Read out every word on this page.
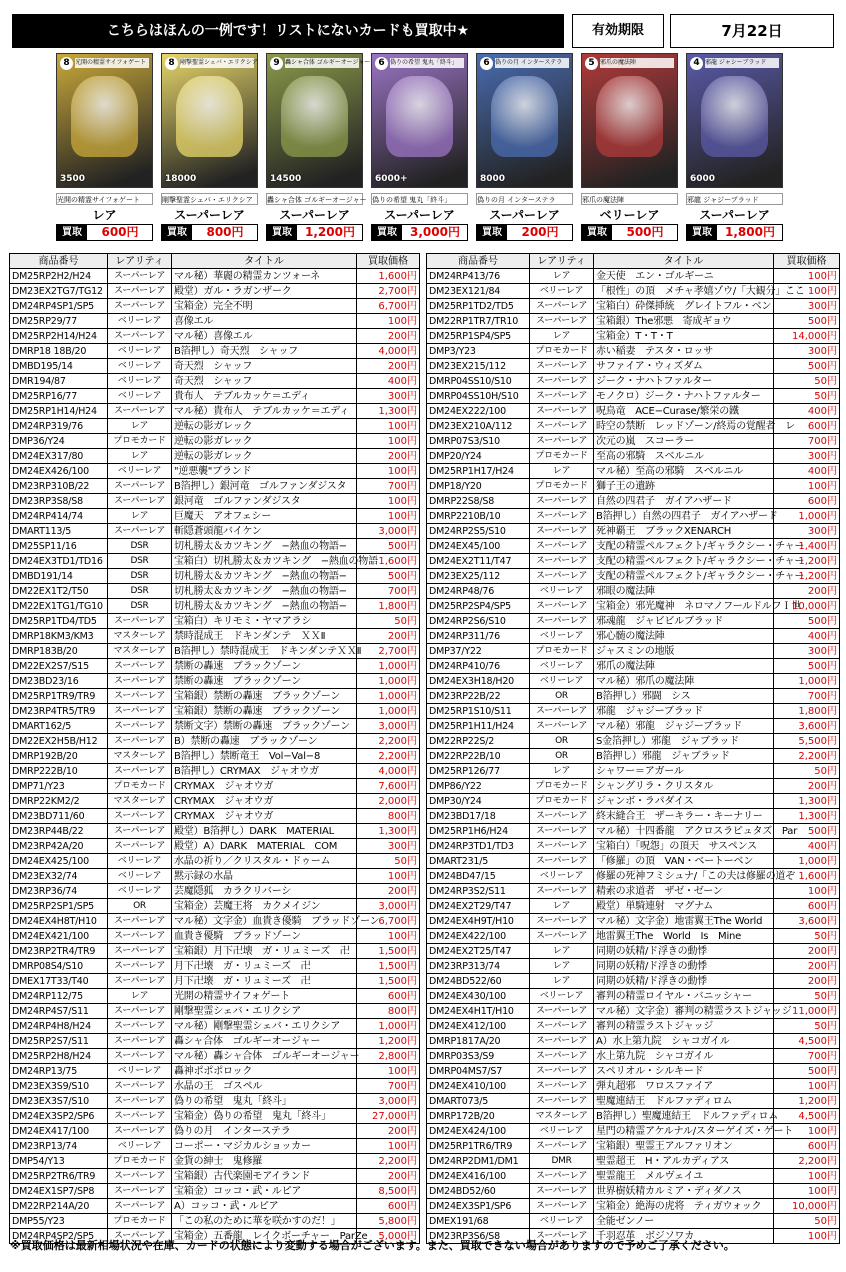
こちらはほんの一例です！リストにないカードも買取中★	有効期限	7月22日
8 光開の精霊サイフォゲート
3500
光開の精霊サイフォゲート
レア
買取	600円
8 剛撃聖霊シェバ・エリクシア
18000
剛撃聖霊シェバ・エリクシア
スーパーレア
買取	800円
9 轟シャ合体 ゴルギーオージャー
14500
轟シャ合体 ゴルギーオージャー
スーパーレア
買取	1,200円
6 偽りの希望 鬼丸「終斗」
6000+
偽りの希望 鬼丸「終斗」
スーパーレア
買取	3,000円
6 偽りの月 インターステラ
8000
偽りの月 インターステラ
スーパーレア
買取	200円
5 邪爪の魔法陣
邪爪の魔法陣
ベリーレア
買取	500円
4 邪龍 ジャシーブラッド
6000
邪龍 ジャジーブラッド
スーパーレア
買取	1,800円
商品番号	レアリティ	タイトル	買取価格
DM25RP2H2/H24	スーパーレア	マル秘）華麗の精霊カンツォーネ	1,600円
DM23EX2TG7/TG12	スーパーレア	殿堂）ガル・ラガンザーク	2,700円
DM24RP4SP1/SP5	スーパーレア	宝箱金）完全不明	6,700円
DM25RP29/77	ベリーレア	喜像エル	100円
DM25RP2H14/H24	スーパーレア	マル秘）喜像エル	200円
DMRP18 18B/20	ベリーレア	B箔押し）奇天烈　シャッフ	4,000円
DMBD195/14	ベリーレア	奇天烈　シャッフ	200円
DMR194/87	ベリーレア	奇天烈　シャッフ	400円
DM25RP16/77	ベリーレア	貴布人　テブルカッケ＝エディ	300円
DM25RP1H14/H24	スーパーレア	マル秘）貴布人　テブルカッケ＝エディ	1,300円
DM24RP319/76	レア	逆転の影ガレック	100円
DMP36/Y24	プロモカード	逆転の影ガレック	100円
DM24EX317/80	レア	逆転の影ガレック	200円
DM24EX426/100	ベリーレア	"逆悪襲"ブランド	100円
DM23RP310B/22	スーパーレア	B箔押し）銀河竜　ゴルファンダジスタ	700円
DM23RP3S8/S8	スーパーレア	銀河竜　ゴルファンダジスタ	100円
DM24RP414/74	レア	巨魔天　アオフェシー	100円
DMART113/5	スーパーレア	斬隠蒼頭龍バイケン	3,000円
DM25SP11/16	DSR	切札勝太＆カツキング　−熱血の物語−	500円
DM24EX3TD1/TD16	DSR	宝箱白）切札勝太＆カツキング　−熱血の物語	1,600円
DMBD191/14	DSR	切札勝太＆カツキング　−熱血の物語−	500円
DM22EX1T2/T50	DSR	切札勝太＆カツキング　−熱血の物語−	700円
DM22EX1TG1/TG10	DSR	切札勝太＆カツキング　−熱血の物語−	1,800円
DM25RP1TD4/TD5	スーパーレア	宝箱白）キリモミ・ヤマアラシ	50円
DMRP18KM3/KM3	マスターレア	禁時混成王　ドキンダンテ　ＸＸⅡ	200円
DMRP183B/20	マスターレア	B箔押し）禁時混成王　ドキンダンテＸＸⅡ	2,700円
DM22EX2S7/S15	スーパーレア	禁断の轟速　ブラックゾーン	1,000円
DM23BD23/16	スーパーレア	禁断の轟速　ブラックゾーン	1,000円
DM25RP1TR9/TR9	スーパーレア	宝箱銀）禁断の轟速　ブラックゾーン	1,000円
DM23RP4TR5/TR9	スーパーレア	宝箱銀）禁断の轟速　ブラックゾーン	1,000円
DMART162/5	スーパーレア	禁断文字）禁断の轟速　ブラックゾーン	3,000円
DM22EX2H5B/H12	スーパーレア	B）禁断の轟速　ブラックゾーン	2,200円
DMRP192B/20	マスターレア	B箔押し）禁断竜王　Vol−Val−8	2,200円
DMRP222B/10	スーパーレア	B箔押し）CRYMAX　ジャオウガ	4,000円
DMP71/Y23	プロモカード	CRYMAX　ジャオウガ	7,600円
DMRP22KM2/2	マスターレア	CRYMAX　ジャオウガ	2,000円
DM23BD711/60	スーパーレア	CRYMAX　ジャオウガ	800円
DM23RP44B/22	スーパーレア	殿堂）B箔押し）DARK　MATERIAL	1,300円
DM23RP42A/20	スーパーレア	殿堂）A）DARK　MATERIAL　COM	300円
DM24EX425/100	ベリーレア	水晶の祈り／クリスタル・ドゥーム	50円
DM23EX32/74	ベリーレア	黙示録の水晶	100円
DM23RP36/74	ベリーレア	芸魔隠狐　カラクリバーシ	200円
DM25RP2SP1/SP5	OR	宝箱金）芸魔王将　カクメイジン	3,000円
DM24EX4H8T/H10	スーパーレア	マル秘）文字金）血貴き優騎　ブラッドゾーン	6,700円
DM24EX421/100	スーパーレア	血貴き優騎　ブラッドゾーン	100円
DM23RP2TR4/TR9	スーパーレア	宝箱銀）月下卍壊　ガ・リュミーズ　卍	1,500円
DMRP08S4/S10	スーパーレア	月下卍壊　ガ・リュミーズ　卍	1,500円
DMEX17T33/T40	スーパーレア	月下卍壊　ガ・リュミーズ　卍	1,500円
DM24RP112/75	レア	光開の精霊サイフォゲート	600円
DM24RP4S7/S11	スーパーレア	剛撃聖霊シェバ・エリクシア	800円
DM24RP4H8/H24	スーパーレア	マル秘）剛撃聖霊シェバ・エリクシア	1,000円
DM25RP2S7/S11	スーパーレア	轟シャ合体　ゴルギーオージャー	1,200円
DM25RP2H8/H24	スーパーレア	マル秘）轟シャ合体　ゴルギーオージャー	2,800円
DM24RP13/75	ベリーレア	轟神ポポポロック	100円
DM23EX3S9/S10	スーパーレア	水晶の王　ゴスペル	700円
DM23EX3S7/S10	スーパーレア	偽りの希望　鬼丸「終斗」	3,000円
DM24EX3SP2/SP6	スーパーレア	宝箱金）偽りの希望　鬼丸「終斗」	27,000円
DM24EX417/100	スーパーレア	偽りの月　インターステラ	200円
DM23RP13/74	ベリーレア	コーポー・マジカルショッカー	100円
DMP54/Y13	プロモカード	金貨の紳士　鬼修羅	2,200円
DM25RP2TR6/TR9	スーパーレア	宝箱銀）古代楽園モアイランド	200円
DM24EX1SP7/SP8	スーパーレア	宝箱金）コッコ・武・ルピア	8,500円
DM22RP214A/20	スーパーレア	A）コッコ・武・ルピア	600円
DMP55/Y23	プロモカード	「この私のために華を咲かすのだ！」	5,800円
DM24RP4SP2/SP5	スーパーレア	宝箱金）五番龍　レイクボーチャー　ParZe	5,000円
商品番号	レアリティ	タイトル	買取価格
DM24RP413/76	レア	金天使　エン・ゴルギーニ	100円
DM23EX121/84	ベリーレア	「根性」の頂　メチャ孝嬉ゾウ/「大観分」ここ	100円
DM25RP1TD2/TD5	スーパーレア	宝箱白）砕傑挿統　グレイトフル・ベン	300円
DM22RP1TR7/TR10	スーパーレア	宝箱銀）The邪悪　寄成ギョウ	500円
DM25RP1SP4/SP5	レア	宝箱金）T・T・T	14,000円
DMP3/Y23	プロモカード	赤い稲妻　テスタ・ロッサ	300円
DM23EX215/112	スーパーレア	サファイア・ウィズダム	500円
DMRP04SS10/S10	スーパーレア	ジーク・ナハトファルター	50円
DMRP04SS10H/S10	スーパーレア	モノクロ）ジーク・ナハトファルター	50円
DM24EX222/100	スーパーレア	呪鳥竜　ACE−Curase/繁栄の鐵	400円
DM23EX210A/112	スーパーレア	時空の禁断　レッドゾーン/終焉の覚醒者　レ	600円
DMRP07S3/S10	スーパーレア	次元の嵐　スコーラー	700円
DMP20/Y24	プロモカード	至高の邪騎　スベルニル	300円
DM25RP1H17/H24	レア	マル秘）至高の邪騎　スベルニル	400円
DMP18/Y20	プロモカード	獅子王の遺跡	100円
DMRP22S8/S8	スーパーレア	自然の四君子　ガイアハザード	600円
DMRP2210B/10	スーパーレア	B箔押し）自然の四君子　ガイアハザード	1,000円
DM24RP2S5/S10	スーパーレア	死神覇王　ブラックXENARCH	300円
DM24EX45/100	スーパーレア	支配の精霊ペルフェクト/ギャラクシー・チャー	1,400円
DM24EX2T11/T47	スーパーレア	支配の精霊ペルフェクト/ギャラクシー・チャー	1,200円
DM23EX25/112	スーパーレア	支配の精霊ペルフェクト/ギャラクシー・チャー	1,200円
DM24RP48/76	ベリーレア	邪眼の魔法陣	200円
DM25RP2SP4/SP5	スーパーレア	宝箱金）邪光魔神　ネロマノフールドルフＩ世	10,000円
DM24RP2S6/S10	スーパーレア	邪魂龍　ジャビビルブラッド	500円
DM24RP311/76	ベリーレア	邪心髄の魔法陣	400円
DMP37/Y22	プロモカード	ジャスミンの地版	300円
DM24RP410/76	ベリーレア	邪爪の魔法陣	500円
DM24EX3H18/H20	ベリーレア	マル秘）邪爪の魔法陣	1,000円
DM23RP22B/22	OR	B箔押し）邪闘　シス	700円
DM25RP1S10/S11	スーパーレア	邪龍　ジャジーブラッド	1,800円
DM25RP1H11/H24	スーパーレア	マル秘）邪龍　ジャジーブラッド	3,600円
DM22RP22S/2	OR	S金箔押し）邪龍　ジャブラッド	5,500円
DM22RP22B/10	OR	B箔押し）邪龍　ジャブラッド	2,200円
DM25RP126/77	レア	シャワー＝アガール	50円
DMP86/Y22	プロモカード	シャングリラ・クリスタル	200円
DMP30/Y24	プロモカード	ジャンボ・ラパダイス	1,300円
DM23BD17/18	スーパーレア	終末縫合王　ザーキラー・キーナリー	1,300円
DM25RP1H6/H24	スーパーレア	マル秘）十四番龍　アクロスラピュタズ　Par	500円
DM24RP3TD1/TD3	スーパーレア	宝箱白）「呪怨」の頂天　サスペンス	400円
DMART231/5	スーパーレア	「修羅」の頂　VAN・ベートーベン	1,000円
DM24BD47/15	ベリーレア	修羅の死神フミシュナ/「この夫は修羅の道ぞ	1,600円
DM24RP3S2/S11	スーパーレア	精索の求道者　ザゼ・ゼーン	100円
DM24EX2T29/T47	レア	殿堂）単騎連射　マグナム	600円
DM24EX4H9T/H10	スーパーレア	マル秘）文字金）地雷翼王The World	3,600円
DM24EX422/100	スーパーレア	地雷翼王The　World　Is　Mine	50円
DM24EX2T25/T47	レア	同期の妖精/ド浮きの動悸	200円
DM23RP313/74	レア	同期の妖精/ド浮きの動悸	200円
DM24BD522/60	レア	同期の妖精/ド浮きの動悸	200円
DM24EX430/100	ベリーレア	審判の精霊ロイヤル・バニッシャー	50円
DM24EX4H1T/H10	スーパーレア	マル秘）文字金）審判の精霊ラストジャッジ	11,000円
DM24EX412/100	スーパーレア	審判の精霊ラストジャッジ	50円
DMRP1817A/20	スーパーレア	A）水上第九院　シャコガイル	4,500円
DMRP03S3/S9	スーパーレア	水上第九院　シャコガイル	700円
DMRP04MS7/S7	スーパーレア	スペリオル・シルキード	500円
DM24EX410/100	スーパーレア	弾丸超邪　ワロスファイア	100円
DMART073/5	スーパーレア	聖魔連結王　ドルファディロム	1,200円
DMRP172B/20	マスターレア	B箔押し）聖魔連結王　ドルファディロム	4,500円
DM24EX424/100	ベリーレア	星門の精霊アケルナル/スターゲイズ・ゲート	100円
DM25RP1TR6/TR9	スーパーレア	宝箱銀）聖霊王アルファリオン	600円
DM24RP2DM1/DM1	DMR	聖霊超王　H・アルカディアス	2,200円
DM24EX416/100	スーパーレア	聖霊龍王　メルヴェイユ	100円
DM24BD52/60	スーパーレア	世界樹妖精カルミア・ディダノス	100円
DM24EX3SP1/SP6	スーパーレア	宝箱金）絶海の虎将　ティガウォック	10,000円
DMEX191/68	ベリーレア	全能ゼンノー	50円
DM23RP3S6/S8	スーパーレア	千羽忍革　ボジソワカ	100円
※買取価格は最新相場状況や在庫、カードの状態により変動する場合がございます。また、買取できない場合がありますので予めご了承ください。
